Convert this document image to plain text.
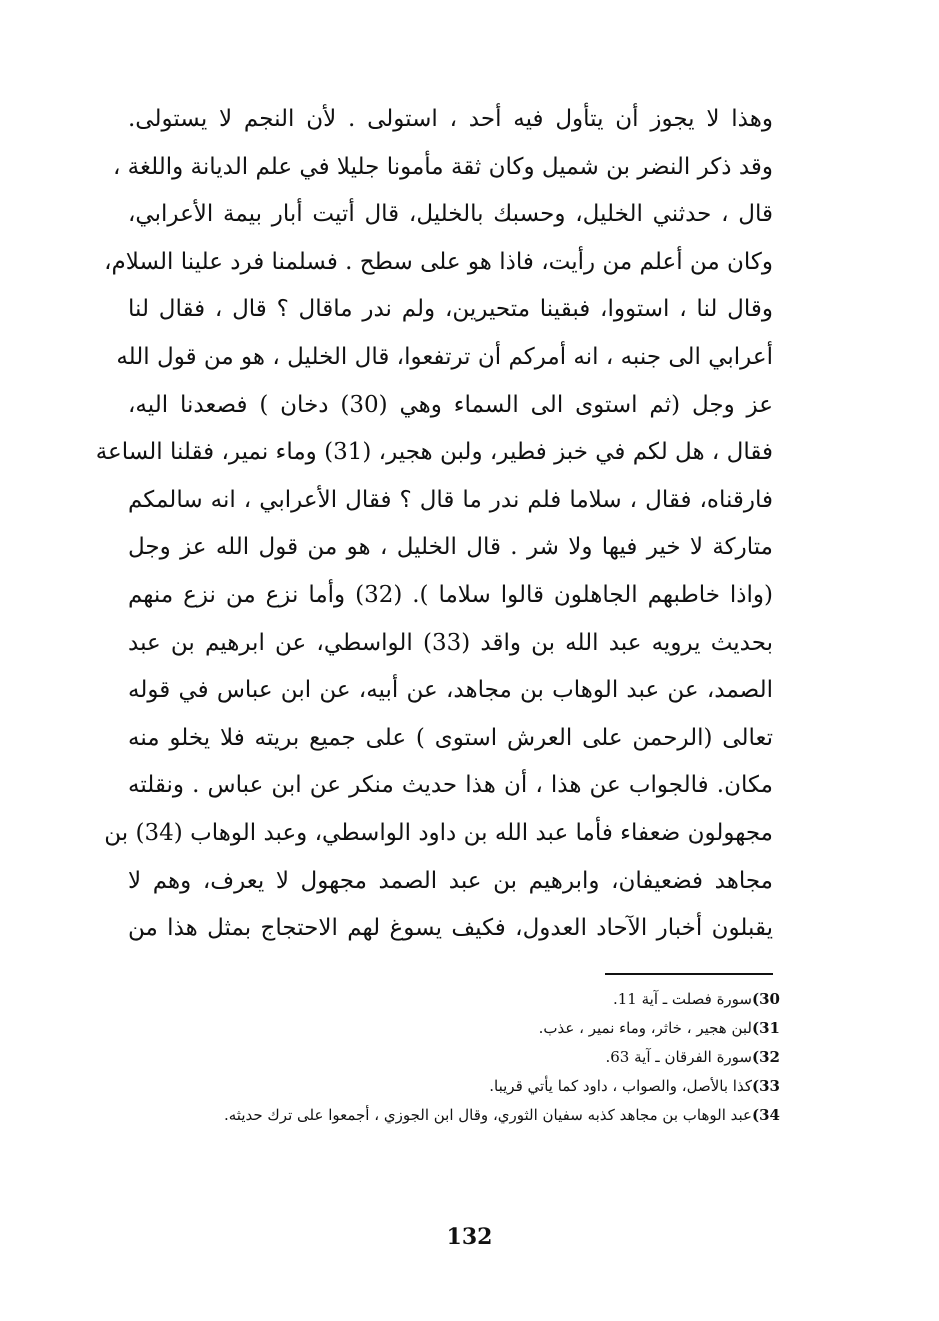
وهذا لا يجوز أن يتأول فيه أحد ، استولى . لأن النجم لا يستولى.
وقد ذكر النضر بن شميل وكان ثقة مأمونا جليلا في علم الديانة واللغة ،
قال ، حدثني الخليل، وحسبك بالخليل، قال أتيت أبار بيمة الأعرابي،
وكان من أعلم من رأيت، فاذا هو على سطح . فسلمنا فرد علينا السلام،
وقال لنا ، استووا، فبقينا متحيرين، ولم ندر ماقال ؟ قال ، فقال لنا
أعرابي الى جنبه ، انه أمركم أن ترتفعوا، قال الخليل ، هو من قول الله
عز وجل (ثم استوى الى السماء وهي (30) دخان ) فصعدنا اليه،
فقال ، هل لكم في خبز فطير، ولبن هجير، (31) وماء نمير، فقلنا الساعة
فارقناه، فقال ، سلاما فلم ندر ما قال ؟ فقال الأعرابي ، انه سالمكم
متاركة لا خير فيها ولا شر . قال الخليل ، هو من قول الله عز وجل
(واذا خاطبهم الجاهلون قالوا سلاما ). (32) وأما نزع من نزع منهم
بحديث يرويه عبد الله بن واقد (33) الواسطي، عن ابرهيم بن عبد
الصمد، عن عبد الوهاب بن مجاهد، عن أبيه، عن ابن عباس في قوله
تعالى (الرحمن على العرش استوى ) على جميع بريته فلا يخلو منه
مكان. فالجواب عن هذا ، أن هذا حديث منكر عن ابن عباس . ونقلته
مجهولون ضعفاء فأما عبد الله بن داود الواسطي، وعبد الوهاب (34) بن
مجاهد فضعيفان، وابرهيم بن عبد الصمد مجهول لا يعرف، وهم لا
يقبلون أخبار الآحاد العدول، فكيف يسوغ لهم الاحتجاج بمثل هذا من
30)
سورة فصلت ـ آية 11.
31)
لبن هجير ، خاثر، وماء نمير ، عذب.
32)
سورة الفرقان ـ آية 63.
33)
كذا بالأصل، والصواب ، داود كما يأتي قريبا.
34)
عبد الوهاب بن مجاهد كذبه سفيان الثوري، وقال ابن الجوزي ، أجمعوا على ترك حديثه.
132
